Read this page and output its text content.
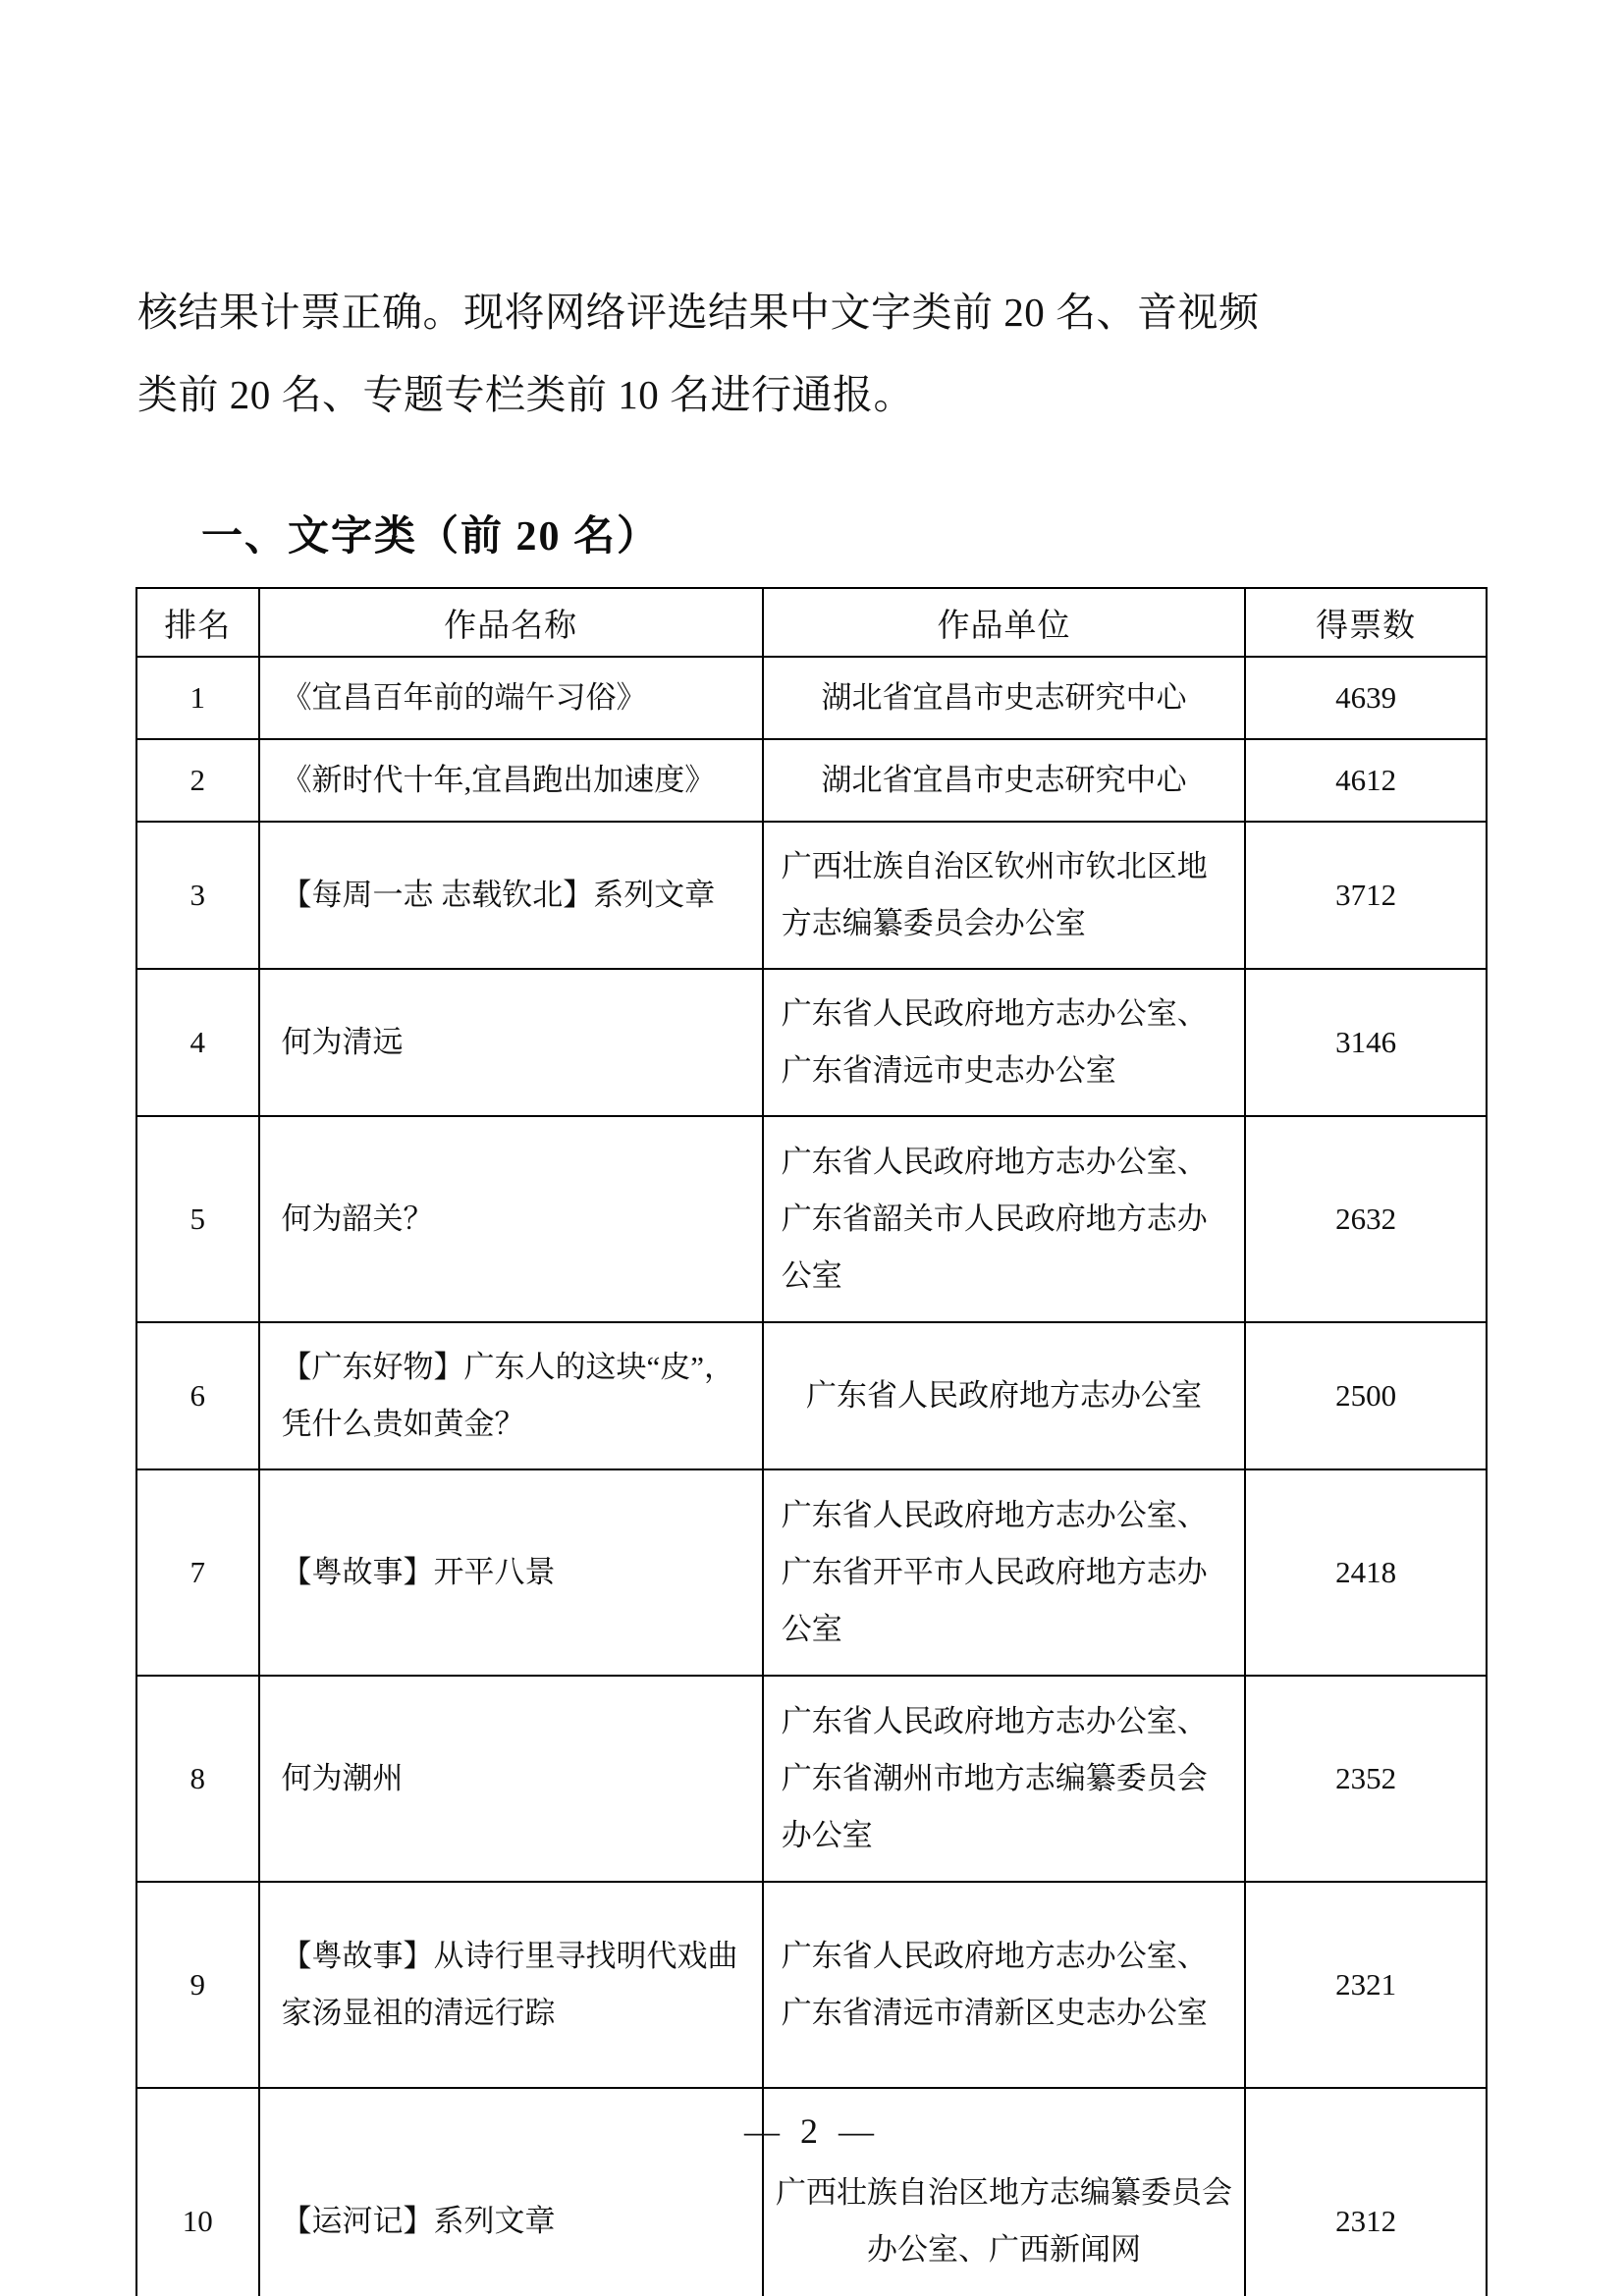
核结果计票正确。现将网络评选结果中文字类前 20 名、音视频

类前 20 名、专题专栏类前 10 名进行通报。

一、文字类（前 20 名）
排名	作品名称	作品单位	得票数
1	《宜昌百年前的端午习俗》	湖北省宜昌市史志研究中心	4639
2	《新时代十年,宜昌跑出加速度》	湖北省宜昌市史志研究中心	4612
3	【每周一志 志载钦北】系列文章	广西壮族自治区钦州市钦北区地方志编纂委员会办公室	3712
4	何为清远	广东省人民政府地方志办公室、广东省清远市史志办公室	3146
5	何为韶关？	广东省人民政府地方志办公室、广东省韶关市人民政府地方志办公室	2632
6	【广东好物】广东人的这块“皮”，凭什么贵如黄金？	广东省人民政府地方志办公室	2500
7	【粤故事】开平八景	广东省人民政府地方志办公室、广东省开平市人民政府地方志办公室	2418
8	何为潮州	广东省人民政府地方志办公室、广东省潮州市地方志编纂委员会办公室	2352
9	【粤故事】从诗行里寻找明代戏曲家汤显祖的清远行踪	广东省人民政府地方志办公室、广东省清远市清新区史志办公室	2321
10	【运河记】系列文章	广西壮族自治区地方志编纂委员会办公室、广西新闻网	2312
— 2 —
